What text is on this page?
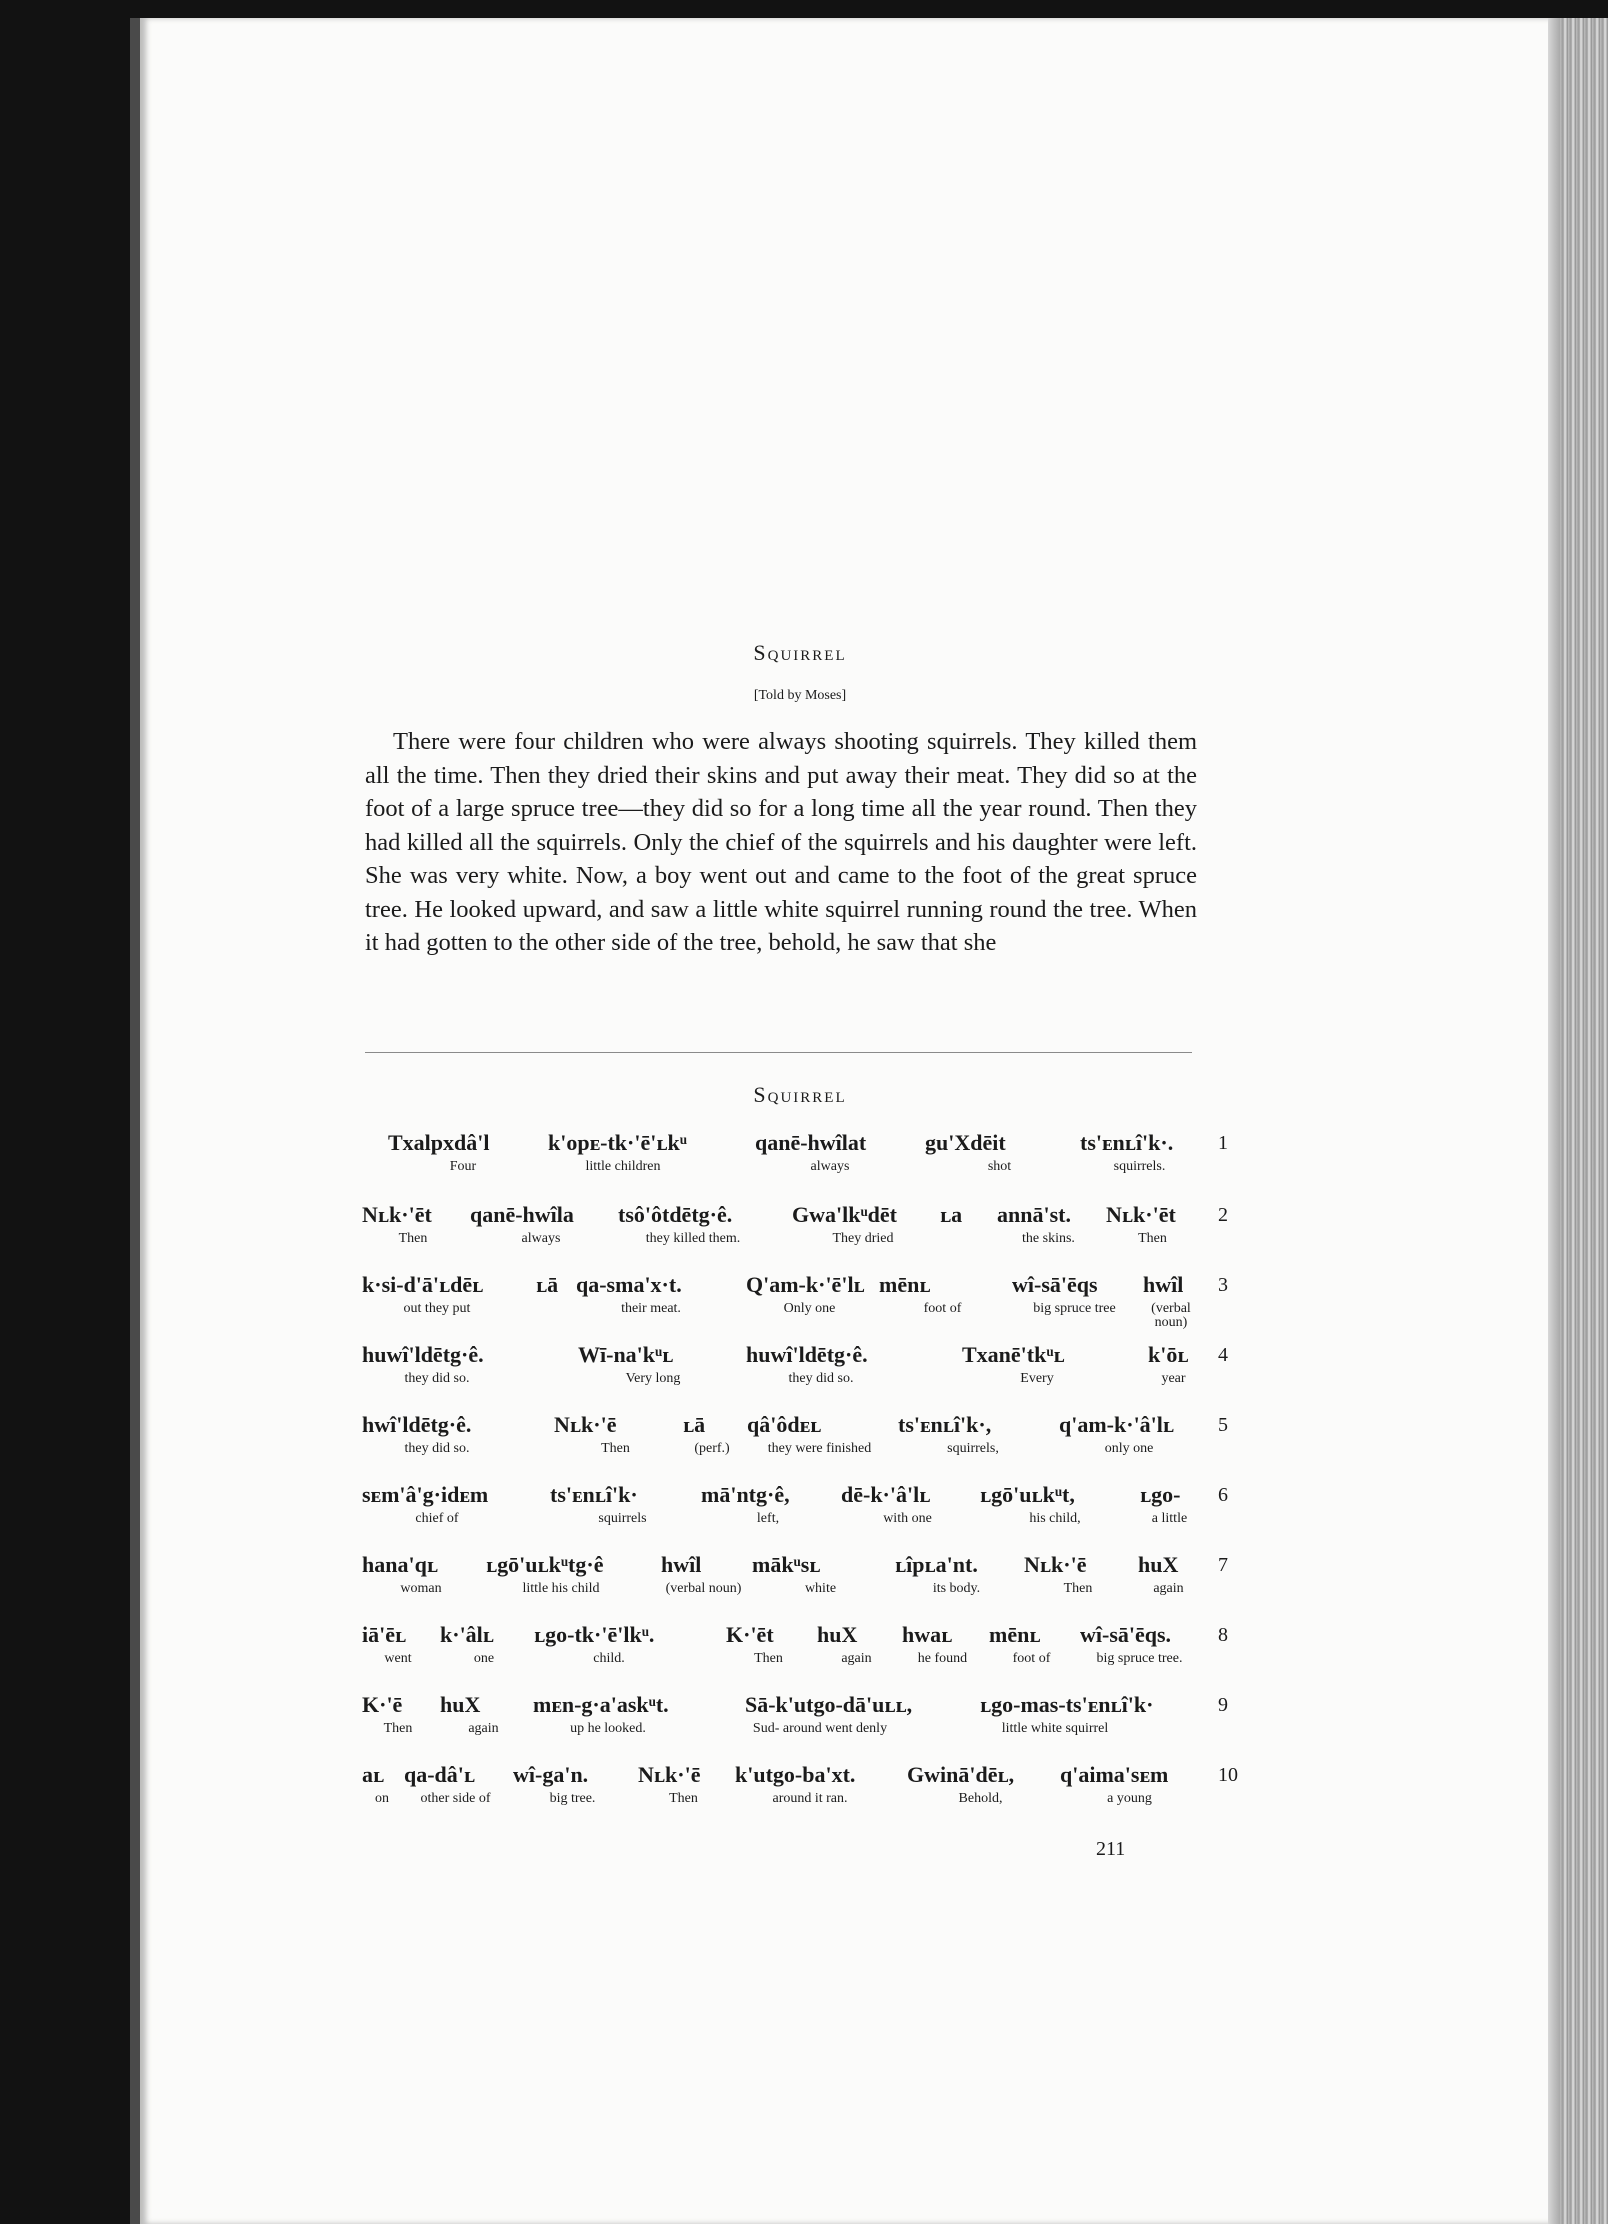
Squirrel
[Told by Moses]
There were four children who were always shooting squirrels. They killed them all the time. Then they dried their skins and put away their meat. They did so at the foot of a large spruce tree—they did so for a long time all the year round. Then they had killed all the squirrels. Only the chief of the squirrels and his daughter were left. She was very white. Now, a boy went out and came to the foot of the great spruce tree. He looked upward, and saw a little white squirrel running round the tree. When it had gotten to the other side of the tree, behold, he saw that she
Squirrel
Txalpxdâ'l
Four
k'opᴇ-tk·'ē'ʟkᵘ
little children
qanē-hwîlat
always
gu'Xdēit
shot
ts'ᴇnʟî'k·.
squirrels.
1
Nʟk·'ēt
Then
qanē-hwîla
always
tsô'ôtdētg·ê.
they killed them.
Gwa'lkᵘdēt
They dried
ʟa annā'st.
the skins.
Nʟk·'ēt
Then
2
k·si-d'ā'ʟdēʟ
out they put
ʟā qa-sma'x·t.
their meat.
Q'am-k·'ē'lʟ
Only one
mēnʟ
foot of
wî-sā'ēqs
big spruce tree
hwîl
(verbal noun)
3
huwî'ldētg·ê.
they did so.
Wī-na'kᵘʟ
Very long
huwî'ldētg·ê.
they did so.
Txanē'tkᵘʟ
Every
k'ōʟ
year
4
hwî'ldētg·ê.
they did so.
Nʟk·'ē
Then
ʟā
(perf.)
qâ'ôdᴇʟ
they were finished
ts'ᴇnʟî'k·,
squirrels,
q'am-k·'â'lʟ
only one
5
sᴇm'â'g·idᴇm
chief of
ts'ᴇnʟî'k·
squirrels
mā'ntg·ê,
left,
dē-k·'â'lʟ
with one
ʟgō'uʟkᵘt,
his child,
ʟgo-
a little
6
hana'qʟ
woman
ʟgō'uʟkᵘtg·ê
little his child
hwîl
(verbal noun)
mākᵘsʟ
white
ʟîpʟa'nt.
its body.
Nʟk·'ē
Then
huX
again
7
iā'ēʟ
went
k·'âlʟ
one
ʟgo-tk·'ē'lkᵘ.
child.
K·'ēt
Then
huX
again
hwaʟ
he found
mēnʟ
foot of
wî-sā'ēqs.
big spruce tree.
8
K·'ē
Then
huX
again
mᴇn-g·a'askᵘt.
up he looked.
Sā-k'utgo-dā'uʟʟ,
Sud- around went denly
ʟgo-mas-ts'ᴇnʟî'k·
little white squirrel
9
aʟ
on
qa-dâ'ʟ
other side of
wî-ga'n.
big tree.
Nʟk·'ē
Then
k'utgo-ba'xt.
around it ran.
Gwinā'dēʟ,
Behold,
q'aima'sᴇm
a young
10
211
